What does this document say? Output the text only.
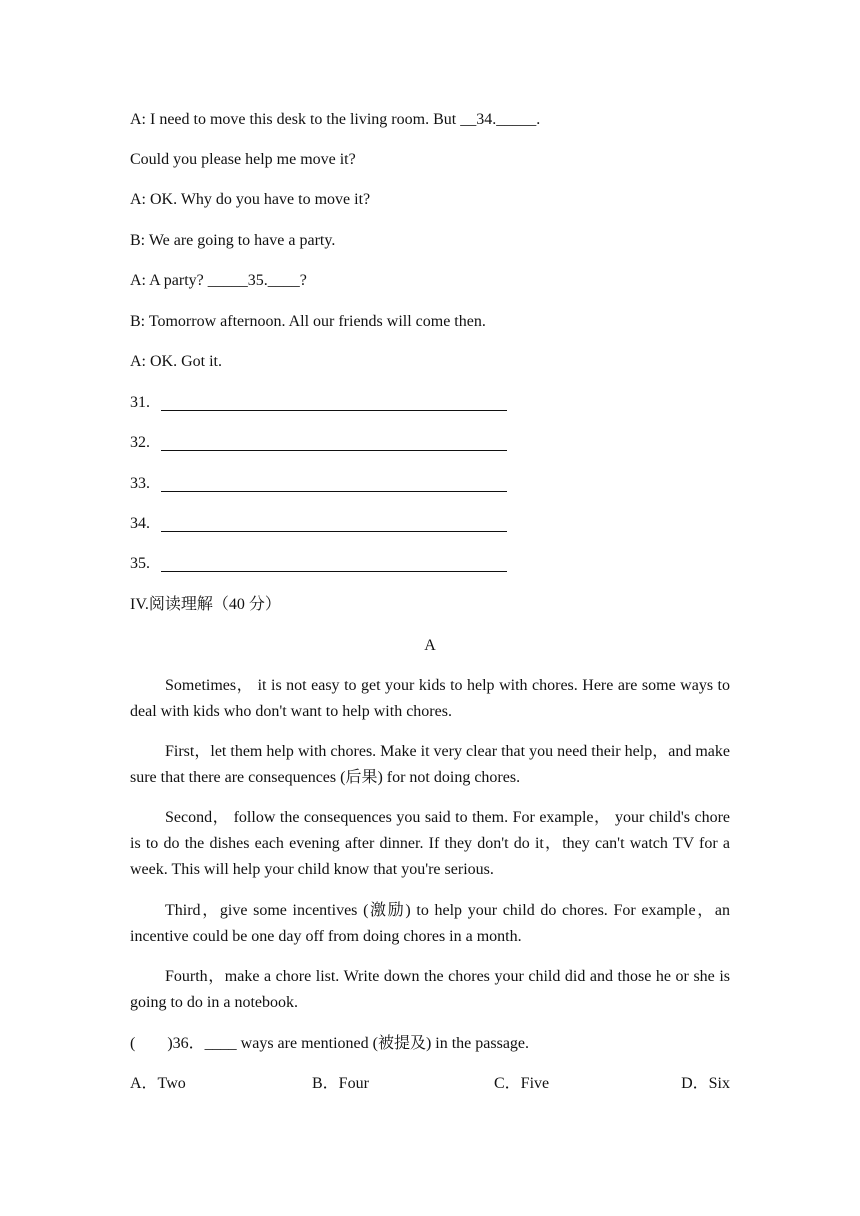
A: I need to move this desk to the living room. But __34._____.
Could you please help me move it?
A: OK. Why do you have to move it?
B: We are going to have a party.
A: A party? _____35.____?
B: Tomorrow afternoon. All our friends will come then.
A: OK. Got it.
31.
32.
33.
34.
35.
IV.阅读理解（40 分）
A
Sometimes， it is not easy to get your kids to help with chores. Here are some ways to deal with kids who don't want to help with chores.
First，let them help with chores. Make it very clear that you need their help，and make sure that there are consequences (后果) for not doing chores.
Second， follow the consequences you said to them. For example， your child's chore is to do the dishes each evening after dinner. If they don't do it，they can't watch TV for a week. This will help your child know that you're serious.
Third，give some incentives (激励) to help your child do chores. For example，an incentive could be one day off from doing chores in a month.
Fourth，make a chore list. Write down the chores your child did and those he or she is going to do in a notebook.
(　　)36．____ ways are mentioned (被提及) in the passage.
A．Two	B．Four	C．Five	D．Six
